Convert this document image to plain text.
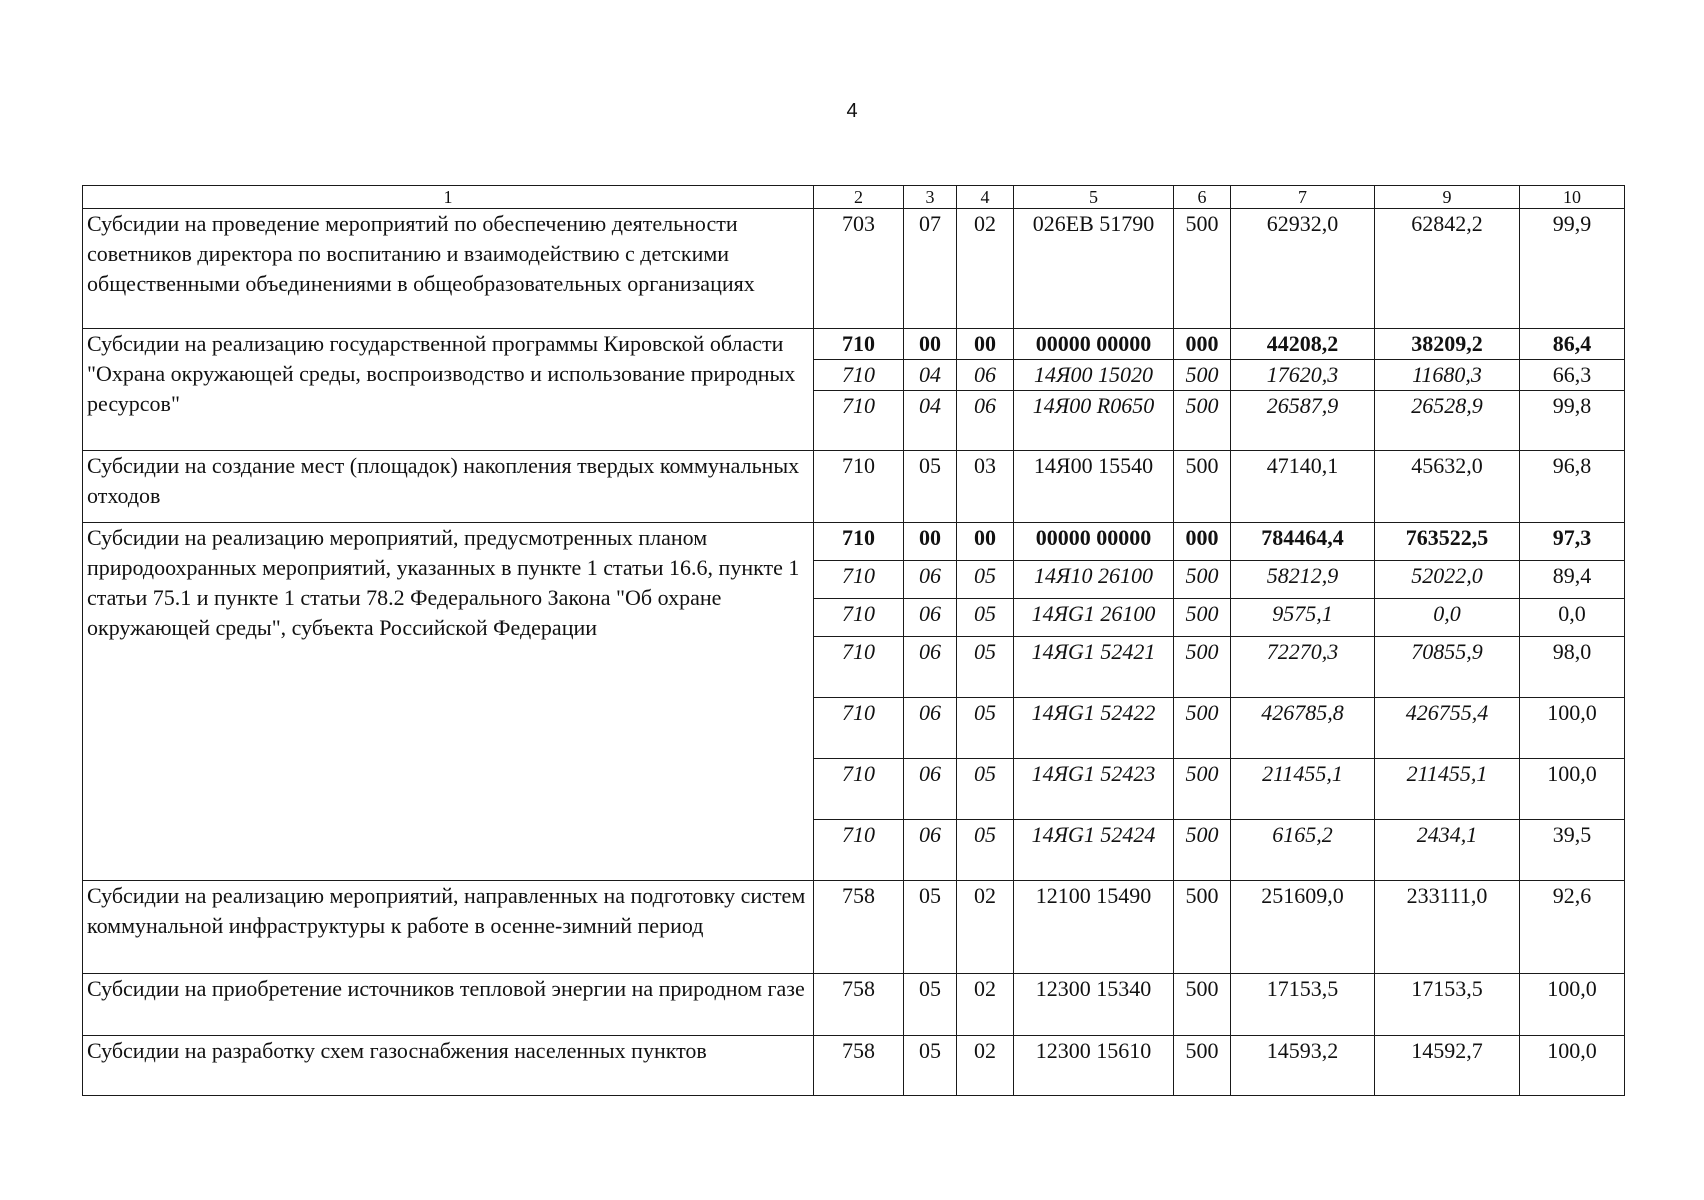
4
1	2	3	4	5	6	7	9	10
Субсидии на проведение мероприятий по обеспечению деятельности советников директора по воспитанию и взаимодействию с детскими общественными объединениями в общеобразовательных организациях	703	07	02	026ЕВ 51790	500	62932,0	62842,2	99,9
Субсидии на реализацию государственной программы Кировской области "Охрана окружающей среды, воспроизводство и использование природных ресурсов"	710	00	00	00000 00000	000	44208,2	38209,2	86,4
	710	04	06	14Я00 15020	500	17620,3	11680,3	66,3
	710	04	06	14Я00 R0650	500	26587,9	26528,9	99,8
Субсидии на создание мест (площадок) накопления твердых коммунальных отходов	710	05	03	14Я00 15540	500	47140,1	45632,0	96,8
Субсидии на реализацию мероприятий, предусмотренных планом природоохранных мероприятий, указанных в пункте 1 статьи 16.6, пункте 1 статьи 75.1 и пункте 1 статьи 78.2 Федерального Закона "Об охране окружающей среды", субъекта Российской Федерации	710	00	00	00000 00000	000	784464,4	763522,5	97,3
	710	06	05	14Я10 26100	500	58212,9	52022,0	89,4
	710	06	05	14ЯG1 26100	500	9575,1	0,0	0,0
	710	06	05	14ЯG1 52421	500	72270,3	70855,9	98,0
	710	06	05	14ЯG1 52422	500	426785,8	426755,4	100,0
	710	06	05	14ЯG1 52423	500	211455,1	211455,1	100,0
	710	06	05	14ЯG1 52424	500	6165,2	2434,1	39,5
Субсидии на реализацию мероприятий, направленных на подготовку систем коммунальной инфраструктуры к работе в осенне-зимний период	758	05	02	12100 15490	500	251609,0	233111,0	92,6
Субсидии на приобретение источников тепловой энергии на природном газе	758	05	02	12300 15340	500	17153,5	17153,5	100,0
Субсидии на разработку схем газоснабжения населенных пунктов	758	05	02	12300 15610	500	14593,2	14592,7	100,0
